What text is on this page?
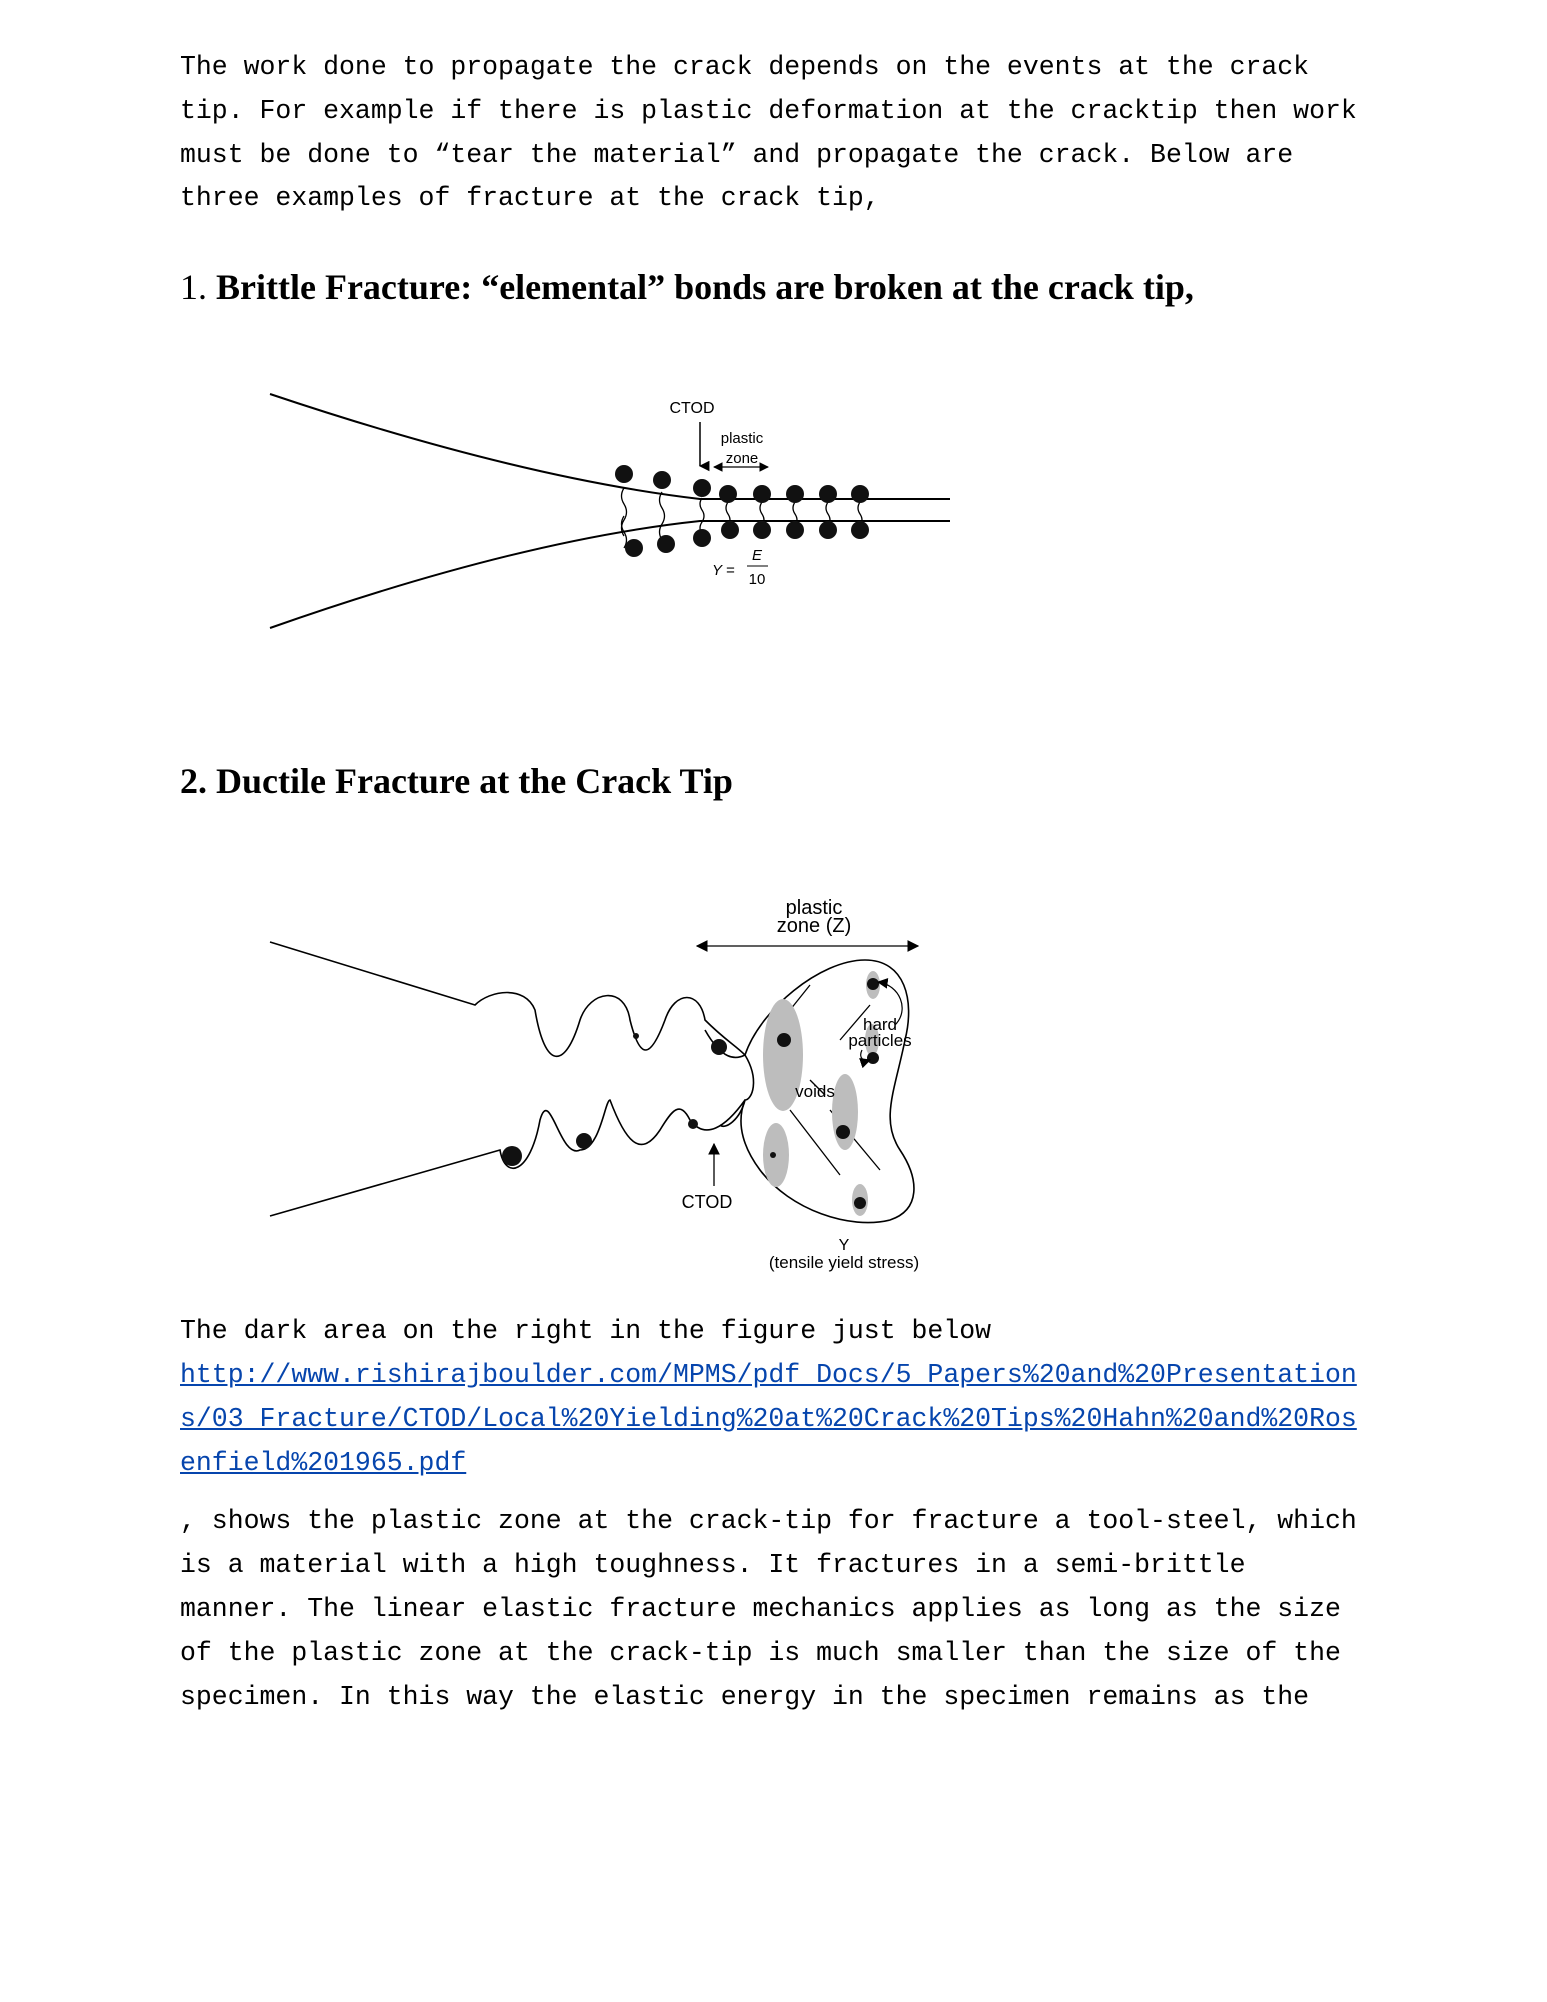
The work done to propagate the crack depends on the events at the crack
tip. For example if there is plastic deformation at the cracktip then work
must be done to “tear the material” and propagate the crack. Below are
three examples of fracture at the crack tip,
1. Brittle Fracture: “elemental” bonds are broken at the crack tip,
CTOD
plastic
zone
Y =
E
10
2. Ductile Fracture at the Crack Tip
plastic
zone (Z)
hard
particles
voids
CTOD
Y
(tensile yield stress)
The dark area on the right in the figure just below
http://www.rishirajboulder.com/MPMS/pdf Docs/5 Papers%20and%20Presentation
s/03 Fracture/CTOD/Local%20Yielding%20at%20Crack%20Tips%20Hahn%20and%20Ros
enfield%201965.pdf
, shows the plastic zone at the crack-tip for fracture a tool-steel, which
is a material with a high toughness. It fractures in a semi-brittle
manner. The linear elastic fracture mechanics applies as long as the size
of the plastic zone at the crack-tip is much smaller than the size of the
specimen. In this way the elastic energy in the specimen remains as the
